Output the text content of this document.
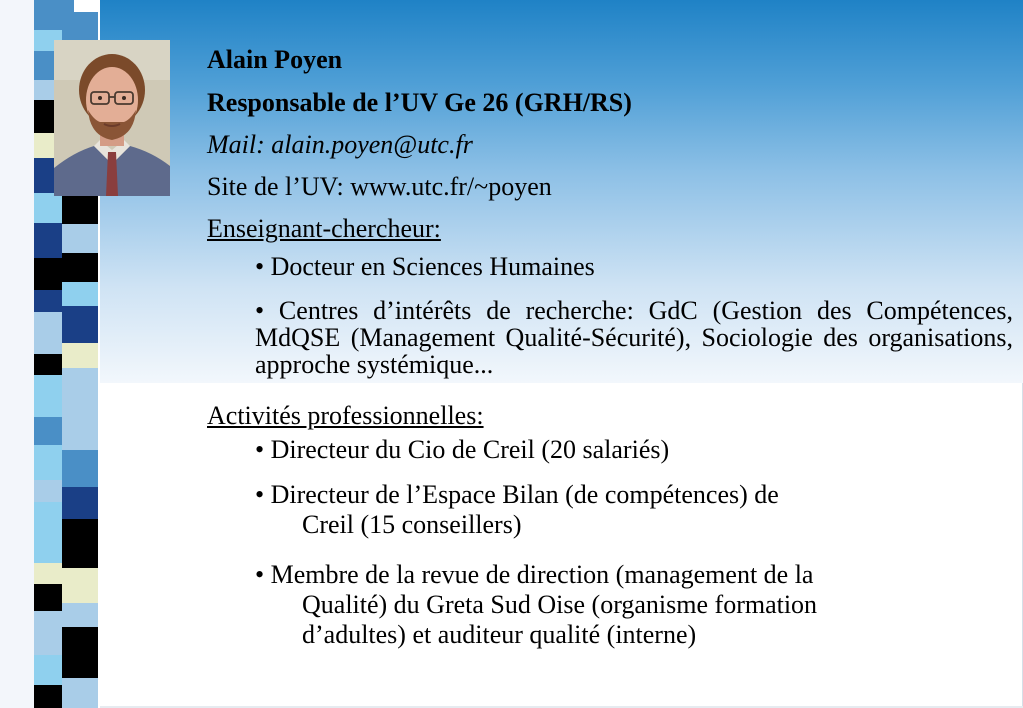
Alain Poyen
Responsable de l’UV Ge 26 (GRH/RS)
Mail: alain.poyen@utc.fr
Site de l’UV: www.utc.fr/~poyen
Enseignant-chercheur:
• Docteur en Sciences Humaines
• Centres d’intérêts de recherche: GdC (Gestion des Compétences, MdQSE (Management Qualité-Sécurité), Sociologie des organisations, approche systémique...
Activités professionnelles:
• Directeur du Cio de Creil (20 salariés)
• Directeur de l’Espace Bilan (de compétences) de
Creil (15 conseillers)
• Membre de la revue de direction (management de la
Qualité) du Greta Sud Oise (organisme formation
d’adultes) et auditeur qualité (interne)
